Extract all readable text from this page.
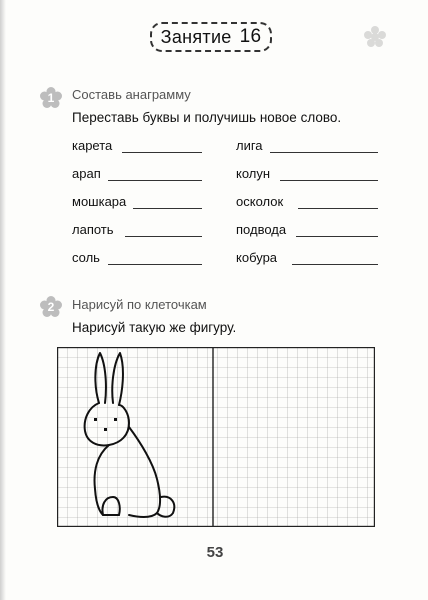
Занятие 16
1	Составь анаграмму
Переставь буквы и получишь новое слово.
карета
арап
мошкара
лапоть
соль
лига
колун
осколок
подвода
кобура
2	Нарисуй по клеточкам
Нарисуй такую же фигуру.
53
